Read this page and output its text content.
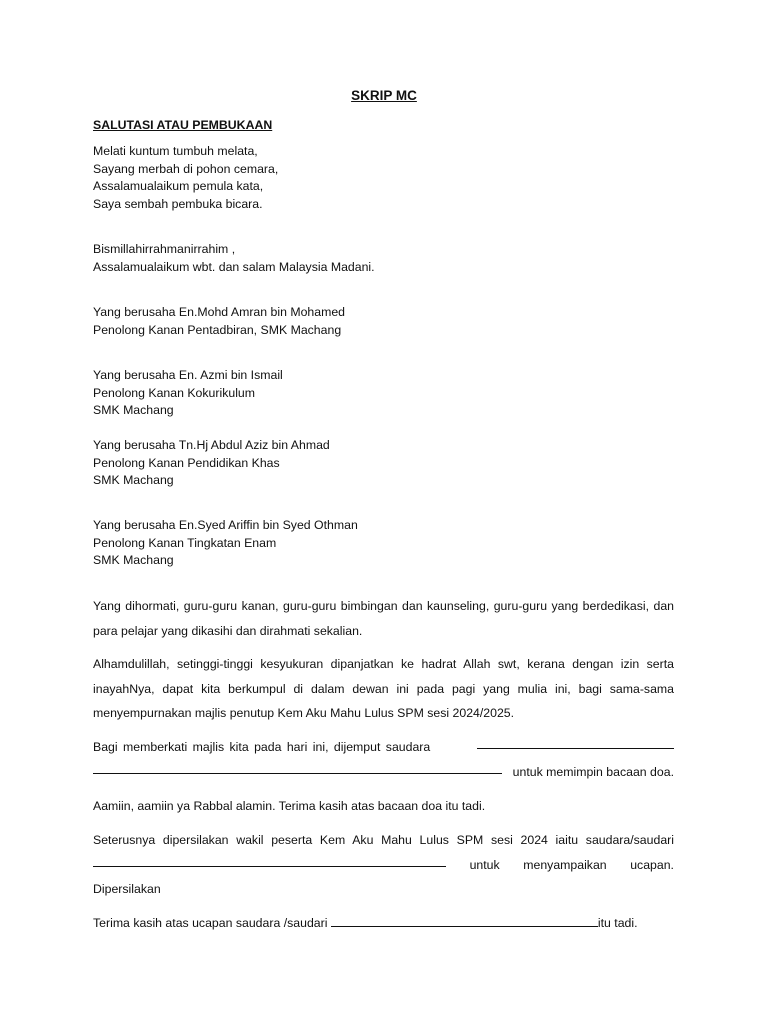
SKRIP MC
SALUTASI ATAU PEMBUKAAN
Melati kuntum tumbuh melata,
Sayang merbah di pohon cemara,
Assalamualaikum pemula kata,
Saya sembah pembuka bicara.
Bismillahirrahmanirrahim ,
Assalamualaikum wbt. dan salam Malaysia Madani.
Yang berusaha En.Mohd Amran bin Mohamed
Penolong Kanan Pentadbiran, SMK Machang
Yang berusaha En. Azmi bin Ismail
Penolong Kanan Kokurikulum
SMK Machang
Yang berusaha Tn.Hj Abdul Aziz bin Ahmad
Penolong Kanan Pendidikan Khas
SMK Machang
Yang berusaha En.Syed Ariffin bin Syed Othman
Penolong Kanan Tingkatan Enam
SMK Machang

Yang dihormati, guru-guru kanan, guru-guru bimbingan dan kaunseling, guru-guru yang berdedikasi, dan para pelajar yang dikasihi dan dirahmati sekalian.

Alhamdulillah, setinggi-tinggi kesyukuran dipanjatkan ke hadrat Allah swt, kerana dengan izin serta inayahNya, dapat kita berkumpul di dalam dewan ini pada pagi yang mulia ini, bagi sama-sama menyempurnakan majlis penutup Kem Aku Mahu Lulus SPM sesi 2024/2025.

Bagi memberkati majlis kita pada hari ini, dijemput saudara
untuk memimpin bacaan doa.

Aamiin, aamiin ya Rabbal alamin. Terima kasih atas bacaan doa itu tadi.

Seterusnya dipersilakan wakil peserta Kem Aku Mahu Lulus SPM sesi 2024 iaitu saudara/saudari

untuk menyampaikan ucapan.

Dipersilakan

Terima kasih atas ucapan saudara /saudari	itu tadi.
